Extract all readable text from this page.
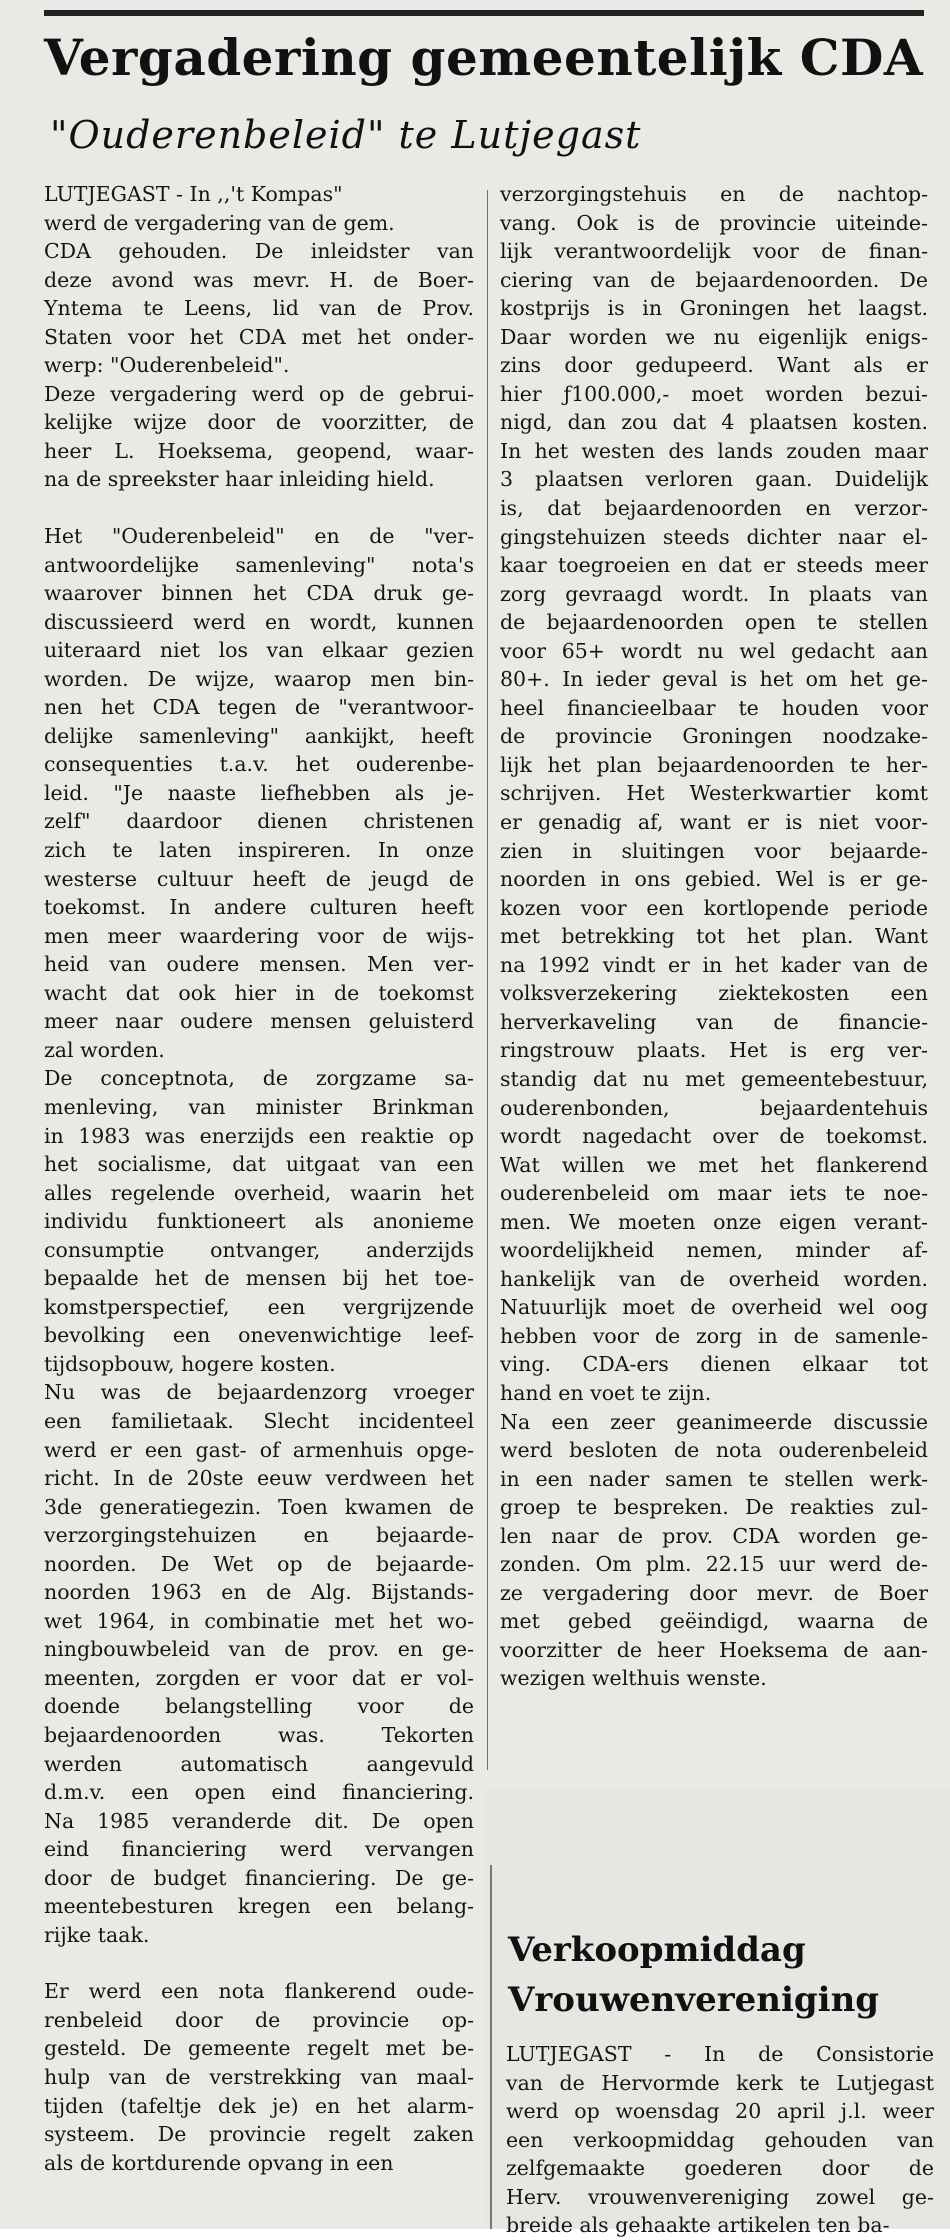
Vergadering gemeentelijk CDA
"Ouderenbeleid" te Lutjegast
LUTJEGAST - In ,,'t Kompas"
werd de vergadering van de gem.
CDA gehouden. De inleidster van
deze avond was mevr. H. de Boer-
Yntema te Leens, lid van de Prov.
Staten voor het CDA met het onder-
werp: "Ouderenbeleid".
Deze vergadering werd op de gebrui-
kelijke wijze door de voorzitter, de
heer L. Hoeksema, geopend, waar-
na de spreekster haar inleiding hield.
Het "Ouderenbeleid" en de "ver-
antwoordelijke samenleving" nota's
waarover binnen het CDA druk ge-
discussieerd werd en wordt, kunnen
uiteraard niet los van elkaar gezien
worden. De wijze, waarop men bin-
nen het CDA tegen de "verantwoor-
delijke samenleving" aankijkt, heeft
consequenties t.a.v. het ouderenbe-
leid. "Je naaste liefhebben als je-
zelf" daardoor dienen christenen
zich te laten inspireren. In onze
westerse cultuur heeft de jeugd de
toekomst. In andere culturen heeft
men meer waardering voor de wijs-
heid van oudere mensen. Men ver-
wacht dat ook hier in de toekomst
meer naar oudere mensen geluisterd
zal worden.
De conceptnota, de zorgzame sa-
menleving, van minister Brinkman
in 1983 was enerzijds een reaktie op
het socialisme, dat uitgaat van een
alles regelende overheid, waarin het
individu funktioneert als anonieme
consumptie ontvanger, anderzijds
bepaalde het de mensen bij het toe-
komstperspectief, een vergrijzende
bevolking een onevenwichtige leef-
tijdsopbouw, hogere kosten.
Nu was de bejaardenzorg vroeger
een familietaak. Slecht incidenteel
werd er een gast- of armenhuis opge-
richt. In de 20ste eeuw verdween het
3de generatiegezin. Toen kwamen de
verzorgingstehuizen en bejaarde-
noorden. De Wet op de bejaarde-
noorden 1963 en de Alg. Bijstands-
wet 1964, in combinatie met het wo-
ningbouwbeleid van de prov. en ge-
meenten, zorgden er voor dat er vol-
doende belangstelling voor de
bejaardenoorden was. Tekorten
werden automatisch aangevuld
d.m.v. een open eind financiering.
Na 1985 veranderde dit. De open
eind financiering werd vervangen
door de budget financiering. De ge-
meentebesturen kregen een belang-
rijke taak.
Er werd een nota flankerend oude-
renbeleid door de provincie op-
gesteld. De gemeente regelt met be-
hulp van de verstrekking van maal-
tijden (tafeltje dek je) en het alarm-
systeem. De provincie regelt zaken
als de kortdurende opvang in een
verzorgingstehuis en de nachtop-
vang. Ook is de provincie uiteinde-
lijk verantwoordelijk voor de finan-
ciering van de bejaardenoorden. De
kostprijs is in Groningen het laagst.
Daar worden we nu eigenlijk enigs-
zins door gedupeerd. Want als er
hier ƒ100.000,- moet worden bezui-
nigd, dan zou dat 4 plaatsen kosten.
In het westen des lands zouden maar
3 plaatsen verloren gaan. Duidelijk
is, dat bejaardenoorden en verzor-
gingstehuizen steeds dichter naar el-
kaar toegroeien en dat er steeds meer
zorg gevraagd wordt. In plaats van
de bejaardenoorden open te stellen
voor 65+ wordt nu wel gedacht aan
80+. In ieder geval is het om het ge-
heel financieelbaar te houden voor
de provincie Groningen noodzake-
lijk het plan bejaardenoorden te her-
schrijven. Het Westerkwartier komt
er genadig af, want er is niet voor-
zien in sluitingen voor bejaarde-
noorden in ons gebied. Wel is er ge-
kozen voor een kortlopende periode
met betrekking tot het plan. Want
na 1992 vindt er in het kader van de
volksverzekering ziektekosten een
herverkaveling van de financie-
ringstrouw plaats. Het is erg ver-
standig dat nu met gemeentebestuur,
ouderenbonden, bejaardentehuis
wordt nagedacht over de toekomst.
Wat willen we met het flankerend
ouderenbeleid om maar iets te noe-
men. We moeten onze eigen verant-
woordelijkheid nemen, minder af-
hankelijk van de overheid worden.
Natuurlijk moet de overheid wel oog
hebben voor de zorg in de samenle-
ving. CDA-ers dienen elkaar tot
hand en voet te zijn.
Na een zeer geanimeerde discussie
werd besloten de nota ouderenbeleid
in een nader samen te stellen werk-
groep te bespreken. De reakties zul-
len naar de prov. CDA worden ge-
zonden. Om plm. 22.15 uur werd de-
ze vergadering door mevr. de Boer
met gebed geëindigd, waarna de
voorzitter de heer Hoeksema de aan-
wezigen welthuis wenste.
Verkoopmiddag
Vrouwenvereniging
LUTJEGAST - In de Consistorie
van de Hervormde kerk te Lutjegast
werd op woensdag 20 april j.l. weer
een verkoopmiddag gehouden van
zelfgemaakte goederen door de
Herv. vrouwenvereniging zowel ge-
breide als gehaakte artikelen ten ba-
